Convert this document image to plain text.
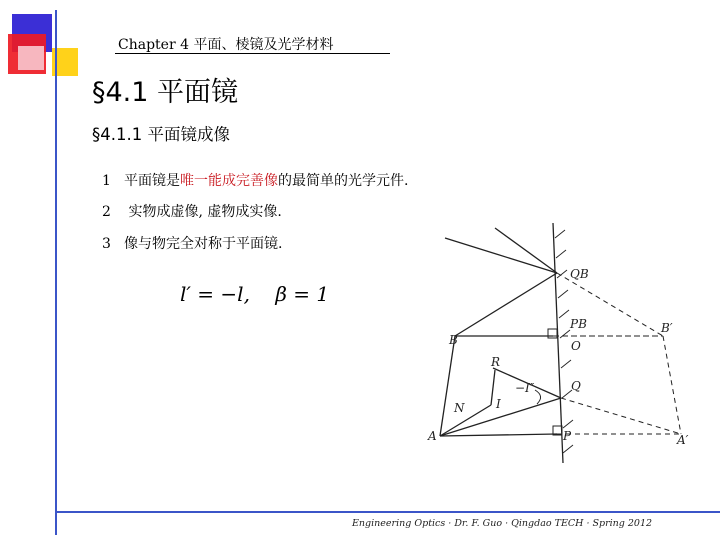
Chapter 4 平面、棱镜及光学材料
§4.1 平面镜
§4.1.1 平面镜成像
1 平面镜是唯一能成完善像的最简单的光学元件.
2 实物成虚像, 虚物成实像.
3 像与物完全对称于平面镜.
l′ = −l, β = 1
QB
PB
B
B′
O
R
−I″	Q
N	I
A	P	A′
Engineering Optics · Dr. F. Guo · Qingdao TECH · Spring 2012
